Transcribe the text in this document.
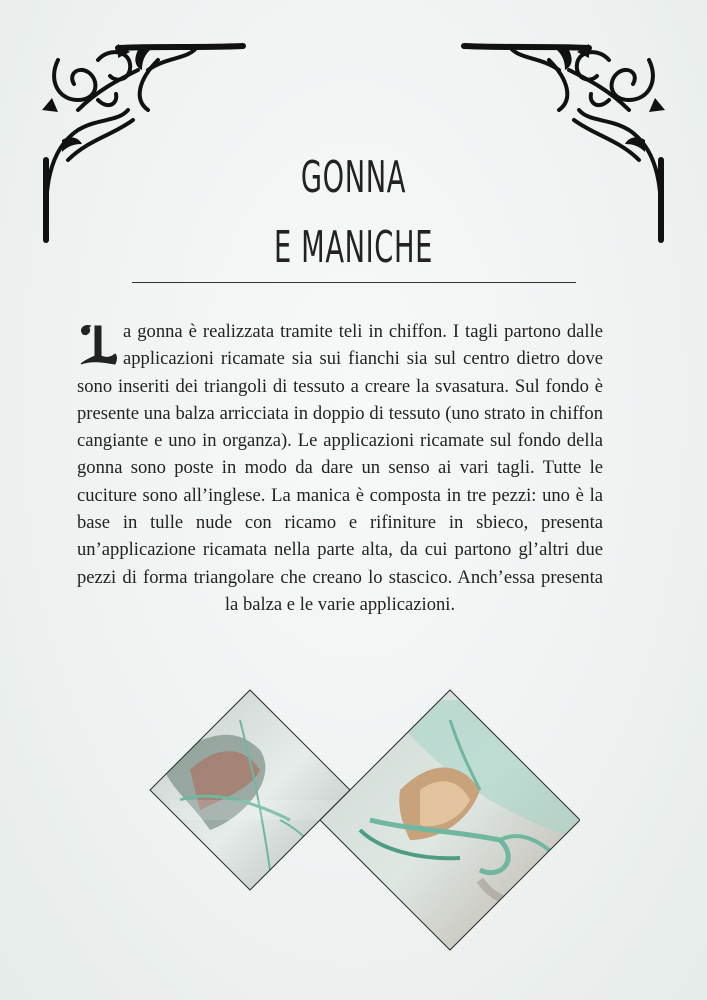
GONNA
E MANICHE
a gonna è realizzata tramite teli in chiffon. I tagli partono dalle applicazioni ricamate sia sui fianchi sia sul centro dietro dove sono inseriti dei triangoli di tessuto a creare la svasatura. Sul fondo è presente una balza arricciata in doppio di tessuto (uno strato in chiffon cangiante e uno in organza). Le applicazioni ricamate sul fondo della gonna sono poste in modo da dare un senso ai vari tagli. Tutte le cuciture sono all’inglese. La manica è composta in tre pezzi: uno è la base in tulle nude con ricamo e rifiniture in sbieco, presenta un’applicazione ricamata nella parte alta, da cui partono gl’altri due pezzi di forma triangolare che creano lo stascico. Anch’essa presenta la balza e le varie applicazioni.
